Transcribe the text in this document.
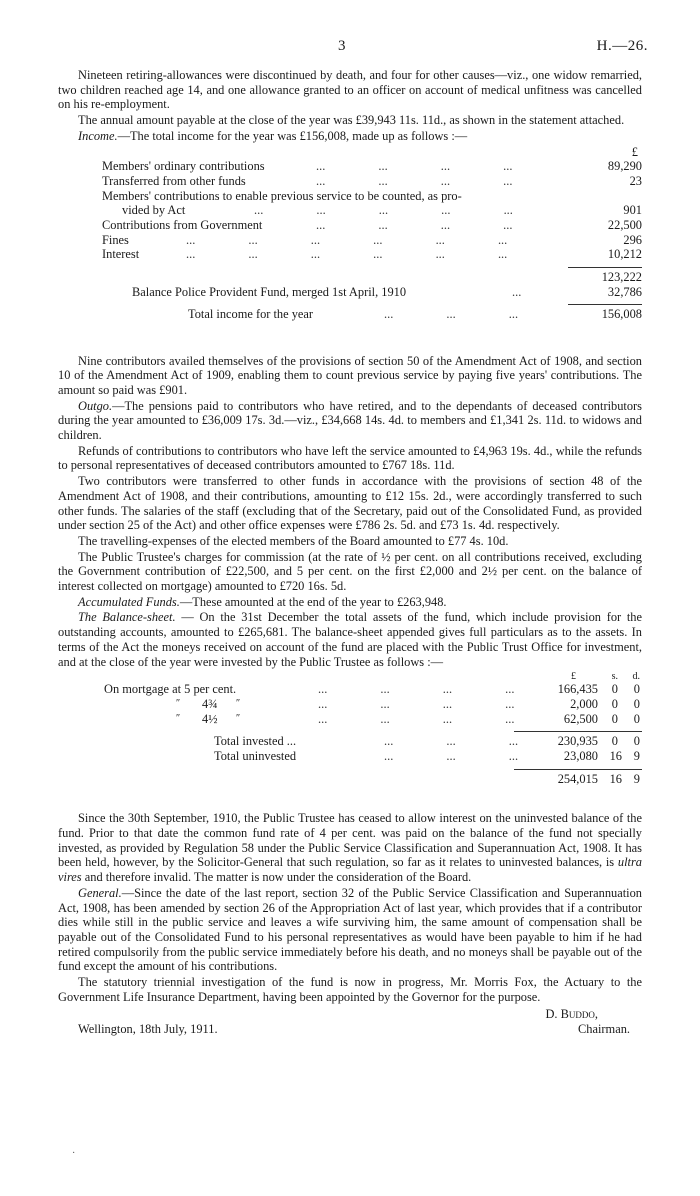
3	H.—26.

Nineteen retiring-allowances were discontinued by death, and four for other causes—viz., one widow remarried, two children reached age 14, and one allowance granted to an officer on account of medical unfitness was cancelled on his re-employment.

The annual amount payable at the close of the year was £39,943 11s. 11d., as shown in the statement attached.

Income.—The total income for the year was £156,008, made up as follows :—

£
Members' ordinary contributions	... ... ... ...	89,290
Transferred from other funds	... ... ... ...	23
Members' contributions to enable previous service to be counted, as pro-
vided by Act	... ... ... ... ...	901
Contributions from Government	... ... ... ...	22,500
Fines	... ... ... ... ... ...	296
Interest	... ... ... ... ... ...	10,212
123,222
Balance Police Provident Fund, merged 1st April, 1910	...	32,786
Total income for the year	... ... ...	156,008

Nine contributors availed themselves of the provisions of section 50 of the Amendment Act of 1908, and section 10 of the Amendment Act of 1909, enabling them to count previous service by paying five years' contributions. The amount so paid was £901.

Outgo.—The pensions paid to contributors who have retired, and to the dependants of deceased contributors during the year amounted to £36,009 17s. 3d.—viz., £34,668 14s. 4d. to members and £1,341 2s. 11d. to widows and children.

Refunds of contributions to contributors who have left the service amounted to £4,963 19s. 4d., while the refunds to personal representatives of deceased contributors amounted to £767 18s. 11d.

Two contributors were transferred to other funds in accordance with the provisions of section 48 of the Amendment Act of 1908, and their contributions, amounting to £12 15s. 2d., were accordingly transferred to such other funds. The salaries of the staff (excluding that of the Secretary, paid out of the Consolidated Fund, as provided under section 25 of the Act) and other office expenses were £786 2s. 5d. and £73 1s. 4d. respectively.

The travelling-expenses of the elected members of the Board amounted to £77 4s. 10d.

The Public Trustee's charges for commission (at the rate of ½ per cent. on all contributions received, excluding the Government contribution of £22,500, and 5 per cent. on the first £2,000 and 2½ per cent. on the balance of interest collected on mortgage) amounted to £720 16s. 5d.

Accumulated Funds.—These amounted at the end of the year to £263,948.

The Balance-sheet. — On the 31st December the total assets of the fund, which include provision for the outstanding accounts, amounted to £265,681. The balance-sheet appended gives full particulars as to the assets. In terms of the Act the moneys received on account of the fund are placed with the Public Trust Office for investment, and at the close of the year were invested by the Public Trustee as follows :—

£	s. d.
On mortgage at 5 per cent.	... ... ... ...	166,435 0 0
″ 4¾ ″	... ... ... ...	2,000 0 0
″ 4½ ″	... ... ... ...	62,500 0 0
Total invested ...	... ... ...	230,935 0 0
Total uninvested	... ... ...	23,080 16 9
254,015 16 9

Since the 30th September, 1910, the Public Trustee has ceased to allow interest on the uninvested balance of the fund. Prior to that date the common fund rate of 4 per cent. was paid on the balance of the fund not specially invested, as provided by Regulation 58 under the Public Service Classification and Superannuation Act, 1908. It has been held, however, by the Solicitor-General that such regulation, so far as it relates to uninvested balances, is ultra vires and therefore invalid. The matter is now under the consideration of the Board.

General.—Since the date of the last report, section 32 of the Public Service Classification and Superannuation Act, 1908, has been amended by section 26 of the Appropriation Act of last year, which provides that if a contributor dies while still in the public service and leaves a wife surviving him, the same amount of compensation shall be payable out of the Consolidated Fund to his personal representatives as would have been payable to him if he had retired compulsorily from the public service immediately before his death, and no moneys shall be payable out of the fund except the amount of his contributions.

The statutory triennial investigation of the fund is now in progress, Mr. Morris Fox, the Actuary to the Government Life Insurance Department, having been appointed by the Governor for the purpose.

D. Buddo,
Chairman.
Wellington, 18th July, 1911.
·
